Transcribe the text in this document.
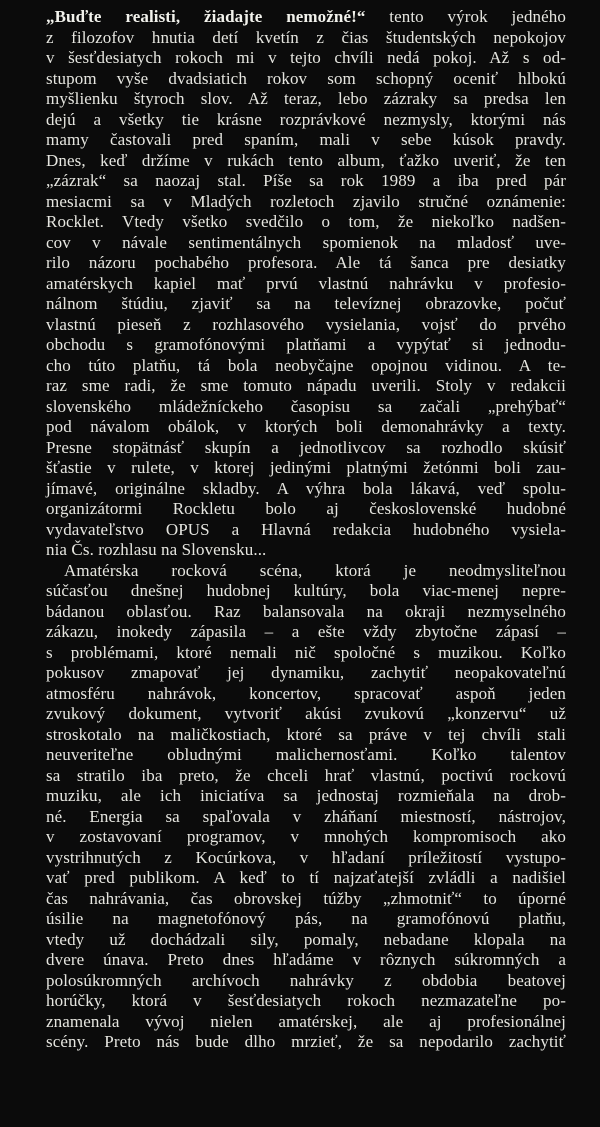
„Buďte realisti, žiadajte nemožné!“ tento výrok jedného
z filozofov hnutia detí kvetín z čias študentských nepokojov
v šesťdesiatych rokoch mi v tejto chvíli nedá pokoj. Až s od-
stupom vyše dvadsiatich rokov som schopný oceniť hlbokú
myšlienku štyroch slov. Až teraz, lebo zázraky sa predsa len
dejú a všetky tie krásne rozprávkové nezmysly, ktorými nás
mamy častovali pred spaním, mali v sebe kúsok pravdy.
Dnes, keď držíme v rukách tento album, ťažko uveriť, že ten
„zázrak“ sa naozaj stal. Píše sa rok 1989 a iba pred pár
mesiacmi sa v Mladých rozletoch zjavilo stručné oznámenie:
Rocklet. Vtedy všetko svedčilo o tom, že niekoľko nadšen-
cov v návale sentimentálnych spomienok na mladosť uve-
rilo názoru pochabého profesora. Ale tá šanca pre desiatky
amatérskych kapiel mať prvú vlastnú nahrávku v profesio-
nálnom štúdiu, zjaviť sa na televíznej obrazovke, počuť
vlastnú pieseň z rozhlasového vysielania, vojsť do prvého
obchodu s gramofónovými platňami a vypýtať si jednodu-
cho túto platňu, tá bola neobyčajne opojnou vidinou. A te-
raz sme radi, že sme tomuto nápadu uverili. Stoly v redakcii
slovenského mládežníckeho časopisu sa začali „prehýbať“
pod návalom obálok, v ktorých boli demonahrávky a texty.
Presne stopätnásť skupín a jednotlivcov sa rozhodlo skúsiť
šťastie v rulete, v ktorej jedinými platnými žetónmi boli zau-
jímavé, originálne skladby. A výhra bola lákavá, veď spolu-
organizátormi Rockletu bolo aj československé hudobné
vydavateľstvo OPUS a Hlavná redakcia hudobného vysiela-
nia Čs. rozhlasu na Slovensku...
Amatérska rocková scéna, ktorá je neodmysliteľnou
súčasťou dnešnej hudobnej kultúry, bola viac-menej nepre-
bádanou oblasťou. Raz balansovala na okraji nezmyselného
zákazu, inokedy zápasila – a ešte vždy zbytočne zápasí –
s problémami, ktoré nemali nič spoločné s muzikou. Koľko
pokusov zmapovať jej dynamiku, zachytiť neopakovateľnú
atmosféru nahrávok, koncertov, spracovať aspoň jeden
zvukový dokument, vytvoriť akúsi zvukovú „konzervu“ už
stroskotalo na maličkostiach, ktoré sa práve v tej chvíli stali
neuveriteľne obludnými malichernosťami. Koľko talentov
sa stratilo iba preto, že chceli hrať vlastnú, poctivú rockovú
muziku, ale ich iniciatíva sa jednostaj rozmieňala na drob-
né. Energia sa spaľovala v zháňaní miestností, nástrojov,
v zostavovaní programov, v mnohých kompromisoch ako
vystrihnutých z Kocúrkova, v hľadaní príležitostí vystupo-
vať pred publikom. A keď to tí najzaťatejší zvládli a nadišiel
čas nahrávania, čas obrovskej túžby „zhmotniť“ to úporné
úsilie na magnetofónový pás, na gramofónovú platňu,
vtedy už dochádzali sily, pomaly, nebadane klopala na
dvere únava. Preto dnes hľadáme v rôznych súkromných a
polosúkromných archívoch nahrávky z obdobia beatovej
horúčky, ktorá v šesťdesiatych rokoch nezmazateľne po-
znamenala vývoj nielen amatérskej, ale aj profesionálnej
scény. Preto nás bude dlho mrzieť, že sa nepodarilo zachytiť
